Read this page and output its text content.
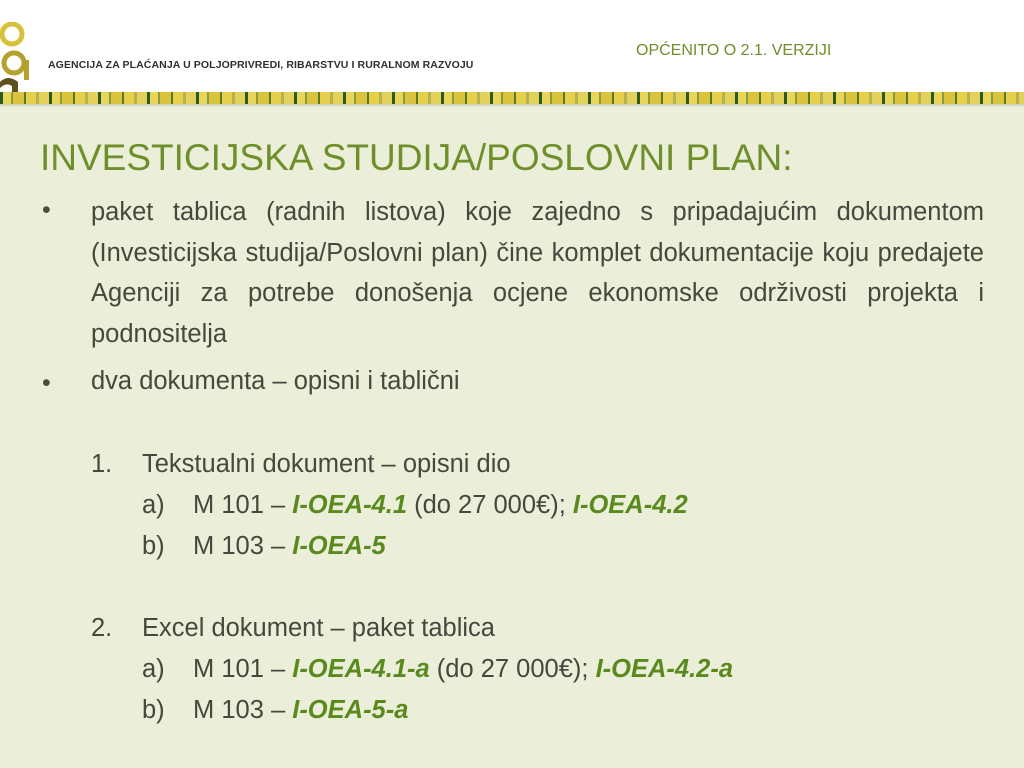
AGENCIJA ZA PLAĆANJA U POLJOPRIVREDI, RIBARSTVU I RURALNOM RAZVOJU
OPĆENITO O 2.1. VERZIJI
INVESTICIJSKA STUDIJA/POSLOVNI PLAN:
• paket tablica (radnih listova) koje zajedno s pripadajućim dokumentom (Investicijska studija/Poslovni plan) čine komplet dokumentacije koju predajete Agenciji za potrebe donošenja ocjene ekonomske održivosti projekta i podnositelja
• dva dokumenta – opisni i tablični
1. Tekstualni dokument – opisni dio
a) M 101 – I-OEA-4.1 (do 27 000€); I-OEA-4.2
b) M 103 – I-OEA-5
2. Excel dokument – paket tablica
a) M 101 – I-OEA-4.1-a (do 27 000€); I-OEA-4.2-a
b) M 103 – I-OEA-5-a
